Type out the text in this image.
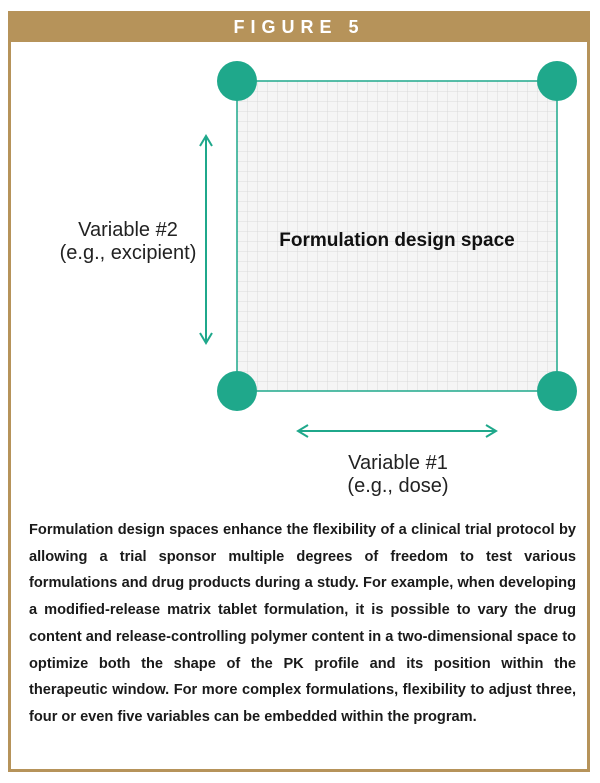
FIGURE 5
Formulation design space
Variable #2
(e.g., excipient)
Variable #1
(e.g., dose)

Formulation design spaces enhance the flexibility of a clinical trial protocol by allowing a trial sponsor multiple degrees of freedom to test various formulations and drug products during a study. For example, when developing a modified-release matrix tablet formulation, it is possible to vary the drug content and release-controlling polymer content in a two-dimensional space to optimize both the shape of the PK profile and its position within the therapeutic window. For more complex formulations, flexibility to adjust three, four or even five variables can be embedded within the program.
